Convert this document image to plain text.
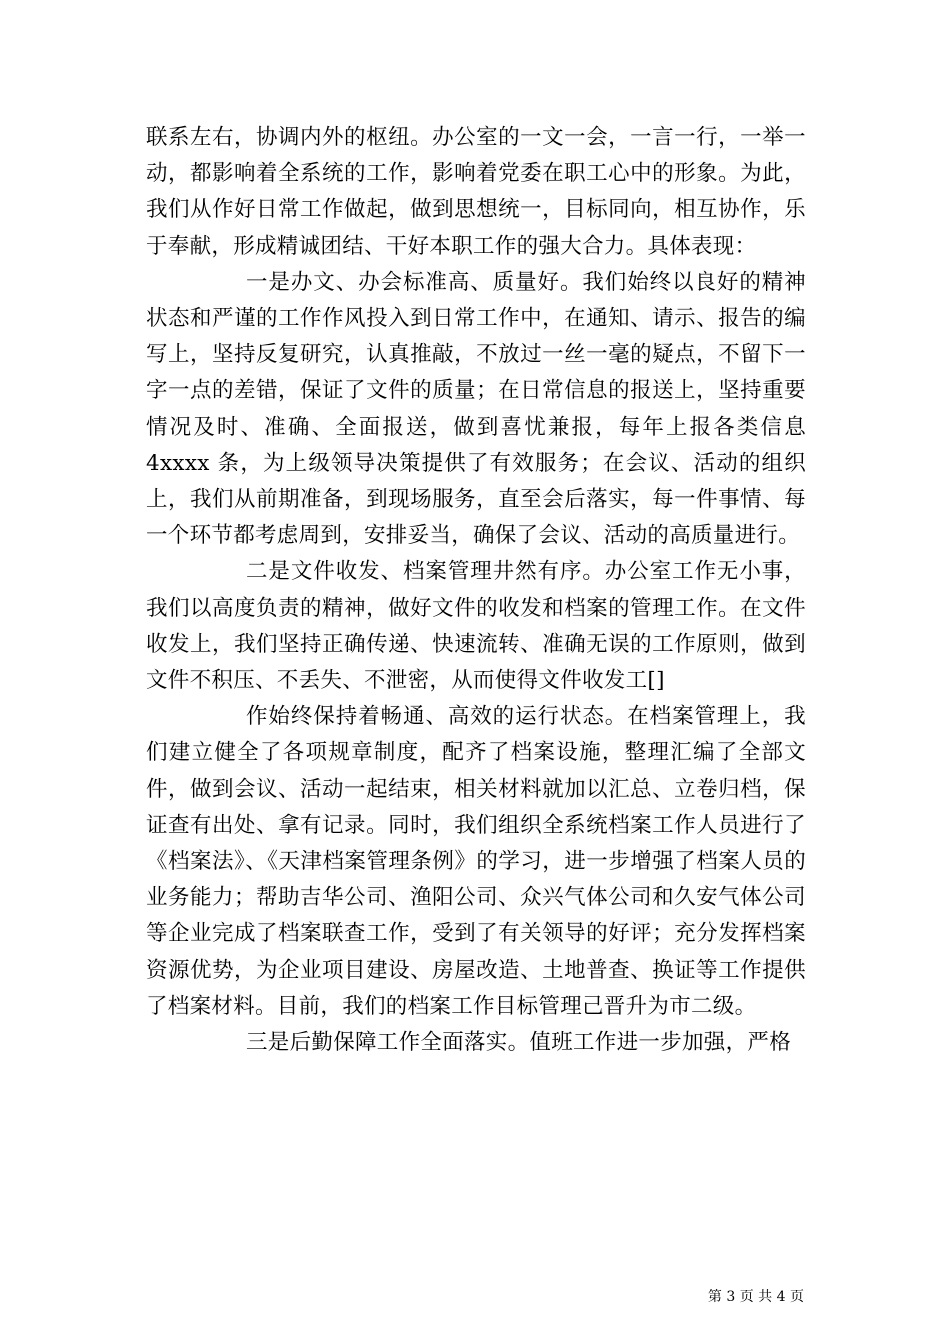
联系左右，协调内外的枢纽。办公室的一文一会，一言一行，一举一动，都影响着全系统的工作，影响着党委在职工心中的形象。为此，我们从作好日常工作做起，做到思想统一，目标同向，相互协作，乐于奉献，形成精诚团结、干好本职工作的强大合力。具体表现：

一是办文、办会标准高、质量好。我们始终以良好的精神状态和严谨的工作作风投入到日常工作中，在通知、请示、报告的编写上，坚持反复研究，认真推敲，不放过一丝一毫的疑点，不留下一字一点的差错，保证了文件的质量；在日常信息的报送上，坚持重要情况及时、准确、全面报送，做到喜忧兼报，每年上报各类信息 4xxxx 条，为上级领导决策提供了有效服务；在会议、活动的组织上，我们从前期准备，到现场服务，直至会后落实，每一件事情、每一个环节都考虑周到，安排妥当，确保了会议、活动的高质量进行。

二是文件收发、档案管理井然有序。办公室工作无小事，我们以高度负责的精神，做好文件的收发和档案的管理工作。在文件收发上，我们坚持正确传递、快速流转、准确无误的工作原则，做到文件不积压、不丢失、不泄密，从而使得文件收发工[]

作始终保持着畅通、高效的运行状态。在档案管理上，我们建立健全了各项规章制度，配齐了档案设施，整理汇编了全部文件，做到会议、活动一起结束，相关材料就加以汇总、立卷归档，保证查有出处、拿有记录。同时，我们组织全系统档案工作人员进行了《档案法》、《天津档案管理条例》的学习，进一步增强了档案人员的业务能力；帮助吉华公司、渔阳公司、众兴气体公司和久安气体公司等企业完成了档案联查工作，受到了有关领导的好评；充分发挥档案资源优势，为企业项目建设、房屋改造、土地普查、换证等工作提供了档案材料。目前，我们的档案工作目标管理己晋升为市二级。

三是后勤保障工作全面落实。值班工作进一步加强，严格

第 3 页 共 4 页
